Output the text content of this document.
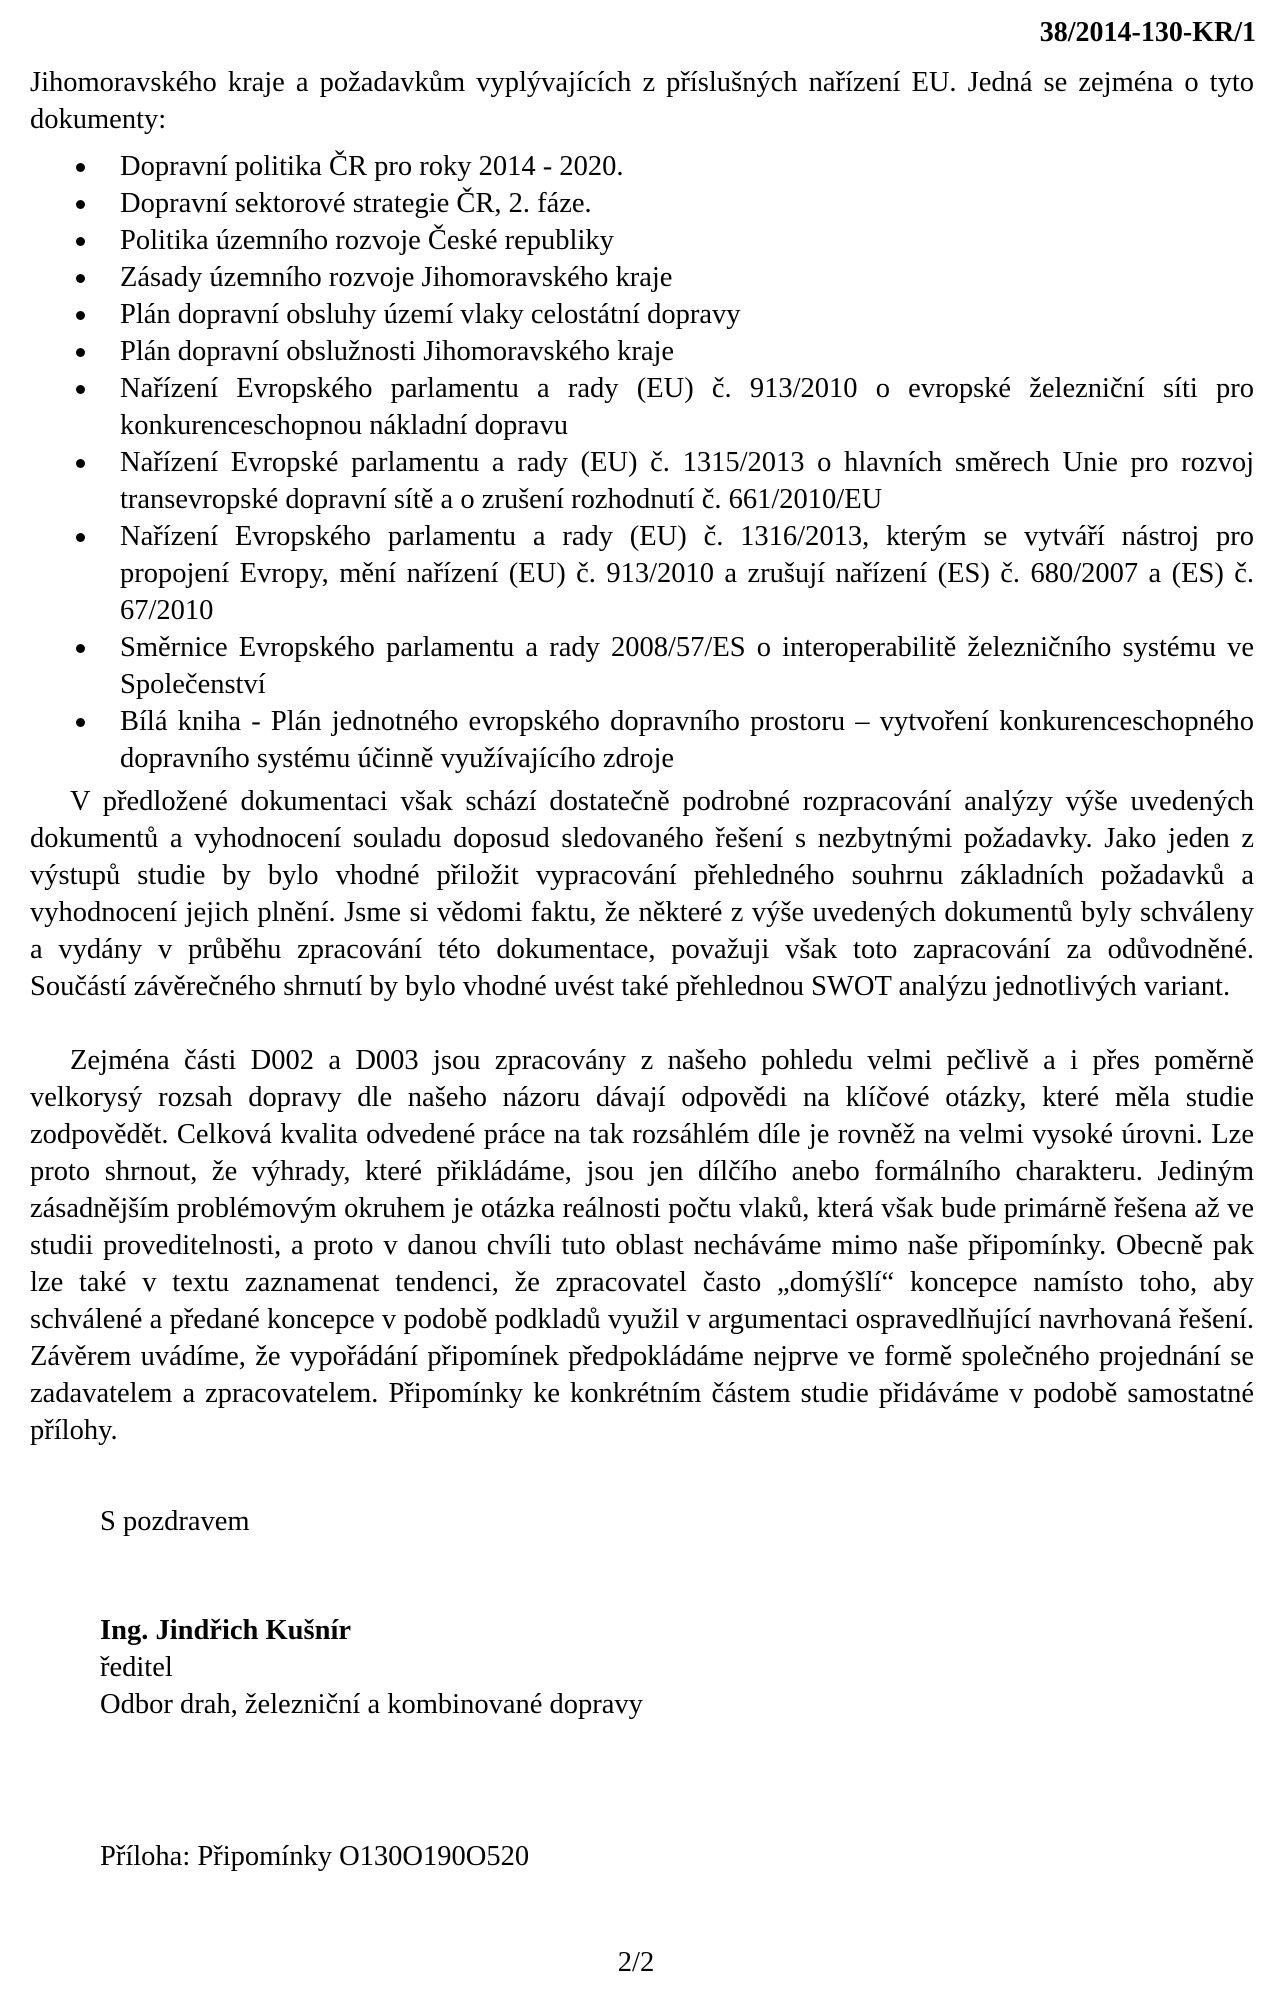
38/2014-130-KR/1

Jihomoravského kraje a požadavkům vyplývajících z příslušných nařízení EU. Jedná se zejména o tyto dokumenty:

Dopravní politika ČR pro roky 2014 - 2020.
Dopravní sektorové strategie ČR, 2. fáze.
Politika územního rozvoje České republiky
Zásady územního rozvoje Jihomoravského kraje
Plán dopravní obsluhy území vlaky celostátní dopravy
Plán dopravní obslužnosti Jihomoravského kraje
Nařízení Evropského parlamentu a rady (EU) č. 913/2010 o evropské železniční síti pro konkurenceschopnou nákladní dopravu
Nařízení Evropské parlamentu a rady (EU) č. 1315/2013 o hlavních směrech Unie pro rozvoj transevropské dopravní sítě a o zrušení rozhodnutí č. 661/2010/EU
Nařízení Evropského parlamentu a rady (EU) č. 1316/2013, kterým se vytváří nástroj pro propojení Evropy, mění nařízení (EU) č. 913/2010 a zrušují nařízení (ES) č. 680/2007 a (ES) č. 67/2010
Směrnice Evropského parlamentu a rady 2008/57/ES o interoperabilitě železničního systému ve Společenství
Bílá kniha - Plán jednotného evropského dopravního prostoru – vytvoření konkurenceschopného dopravního systému účinně využívajícího zdroje

V předložené dokumentaci však schází dostatečně podrobné rozpracování analýzy výše uvedených dokumentů a vyhodnocení souladu doposud sledovaného řešení s nezbytnými požadavky. Jako jeden z výstupů studie by bylo vhodné přiložit vypracování přehledného souhrnu základních požadavků a vyhodnocení jejich plnění. Jsme si vědomi faktu, že některé z výše uvedených dokumentů byly schváleny a vydány v průběhu zpracování této dokumentace, považuji však toto zapracování za odůvodněné. Součástí závěrečného shrnutí by bylo vhodné uvést také přehlednou SWOT analýzu jednotlivých variant.

Zejména části D002 a D003 jsou zpracovány z našeho pohledu velmi pečlivě a i přes poměrně velkorysý rozsah dopravy dle našeho názoru dávají odpovědi na klíčové otázky, které měla studie zodpovědět. Celková kvalita odvedené práce na tak rozsáhlém díle je rovněž na velmi vysoké úrovni. Lze proto shrnout, že výhrady, které přikládáme, jsou jen dílčího anebo formálního charakteru. Jediným zásadnějším problémovým okruhem je otázka reálnosti počtu vlaků, která však bude primárně řešena až ve studii proveditelnosti, a proto v danou chvíli tuto oblast necháváme mimo naše připomínky. Obecně pak lze také v textu zaznamenat tendenci, že zpracovatel často „domýšlí“ koncepce namísto toho, aby schválené a předané koncepce v podobě podkladů využil v argumentaci ospravedlňující navrhovaná řešení. Závěrem uvádíme, že vypořádání připomínek předpokládáme nejprve ve formě společného projednání se zadavatelem a zpracovatelem. Připomínky ke konkrétním částem studie přidáváme v podobě samostatné přílohy.

S pozdravem

Ing. Jindřich Kušnír
ředitel
Odbor drah, železniční a kombinované dopravy

Příloha: Připomínky O130O190O520

2/2
